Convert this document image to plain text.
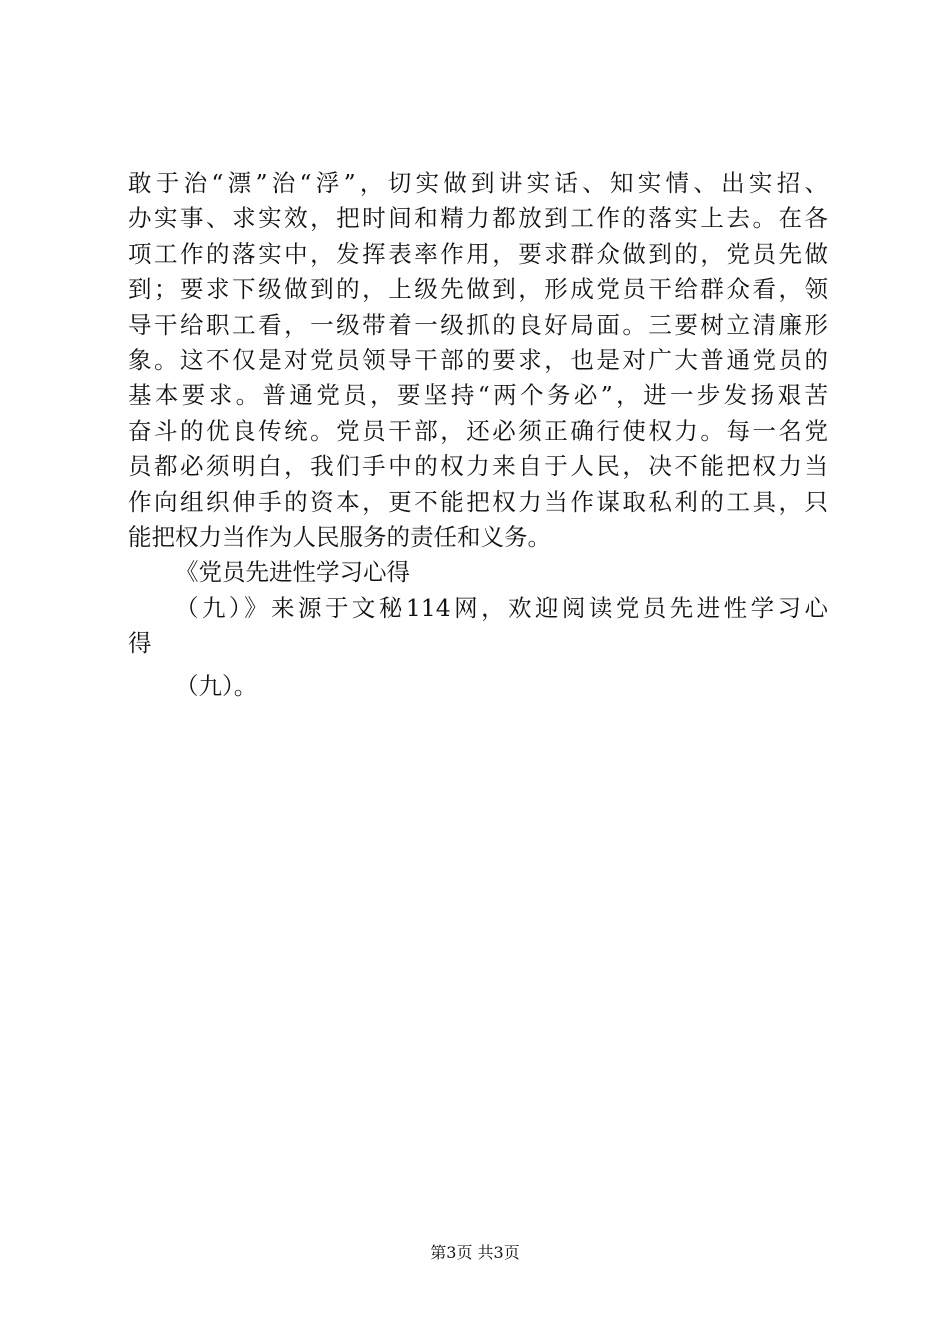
敢于治“漂”治“浮”，切实做到讲实话、知实情、出实招、
办实事、求实效，把时间和精力都放到工作的落实上去。在各
项工作的落实中，发挥表率作用，要求群众做到的，党员先做
到；要求下级做到的，上级先做到，形成党员干给群众看，领
导干给职工看，一级带着一级抓的良好局面。三要树立清廉形
象。这不仅是对党员领导干部的要求，也是对广大普通党员的
基本要求。普通党员，要坚持“两个务必”，进一步发扬艰苦
奋斗的优良传统。党员干部，还必须正确行使权力。每一名党
员都必须明白，我们手中的权力来自于人民，决不能把权力当
作向组织伸手的资本，更不能把权力当作谋取私利的工具，只
能把权力当作为人民服务的责任和义务。
《党员先进性学习心得
（九）》来源于文秘114网，欢迎阅读党员先进性学习心
得
（九）。
第3页 共3页
